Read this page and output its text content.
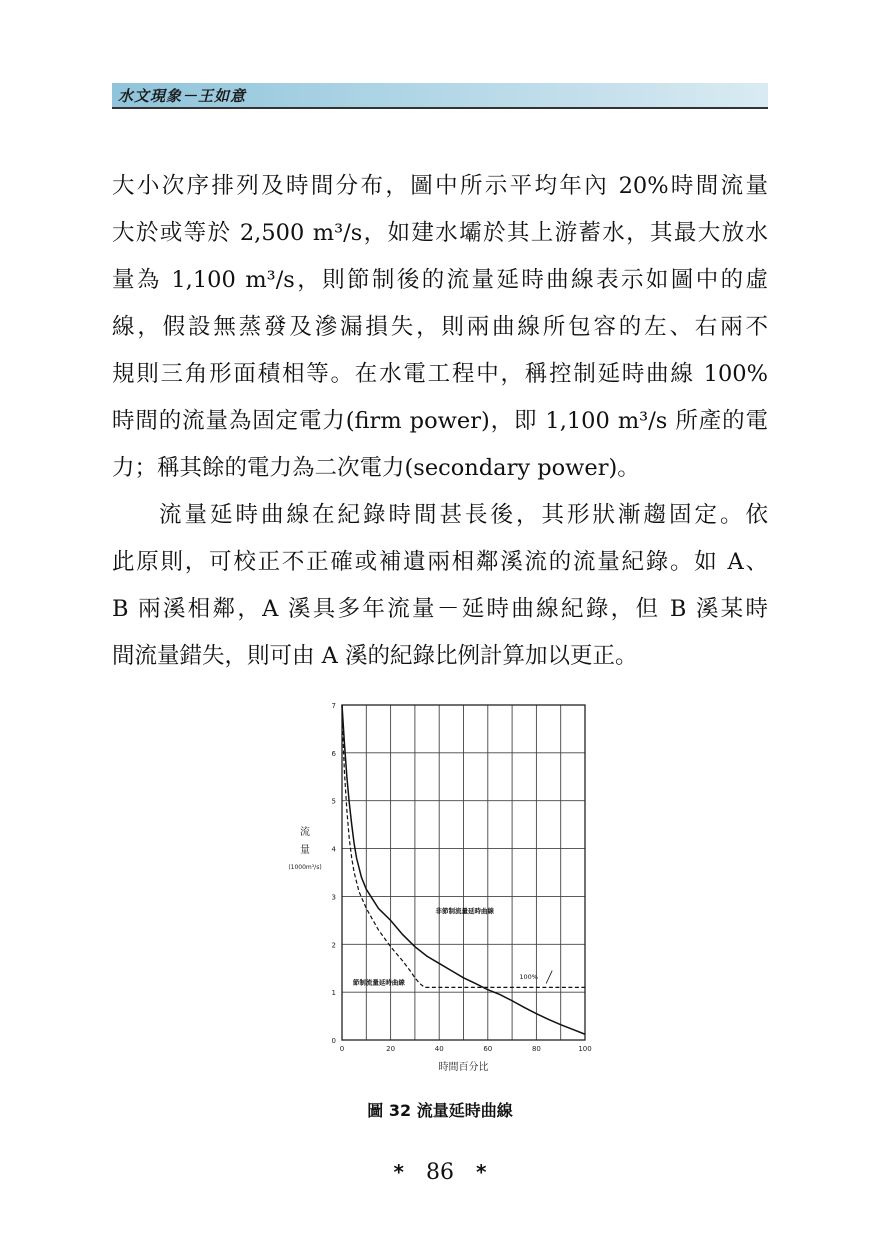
水文現象－王如意

大小次序排列及時間分布，圖中所示平均年內 20%時間流量
大於或等於 2,500 m³/s，如建水壩於其上游蓄水，其最大放水
量為 1,100 m³/s，則節制後的流量延時曲線表示如圖中的虛
線，假設無蒸發及滲漏損失，則兩曲線所包容的左、右兩不
規則三角形面積相等。在水電工程中，稱控制延時曲線 100%
時間的流量為固定電力(firm power)，即 1,100 m³/s 所產的電
力；稱其餘的電力為二次電力(secondary power)。

流量延時曲線在紀錄時間甚長後，其形狀漸趨固定。依
此原則，可校正不正確或補遺兩相鄰溪流的流量紀錄。如 A、
B 兩溪相鄰，A 溪具多年流量－延時曲線紀錄，但 B 溪某時
間流量錯失，則可由 A 溪的紀錄比例計算加以更正。

0
1
2
3
4
5
6
7
0	20	40	60	80	100
時間百分比
流
量
(1000m³/s)
非節制流量延時曲線
節制流量延時曲線
100%
圖 32 流量延時曲線
* 86 *
